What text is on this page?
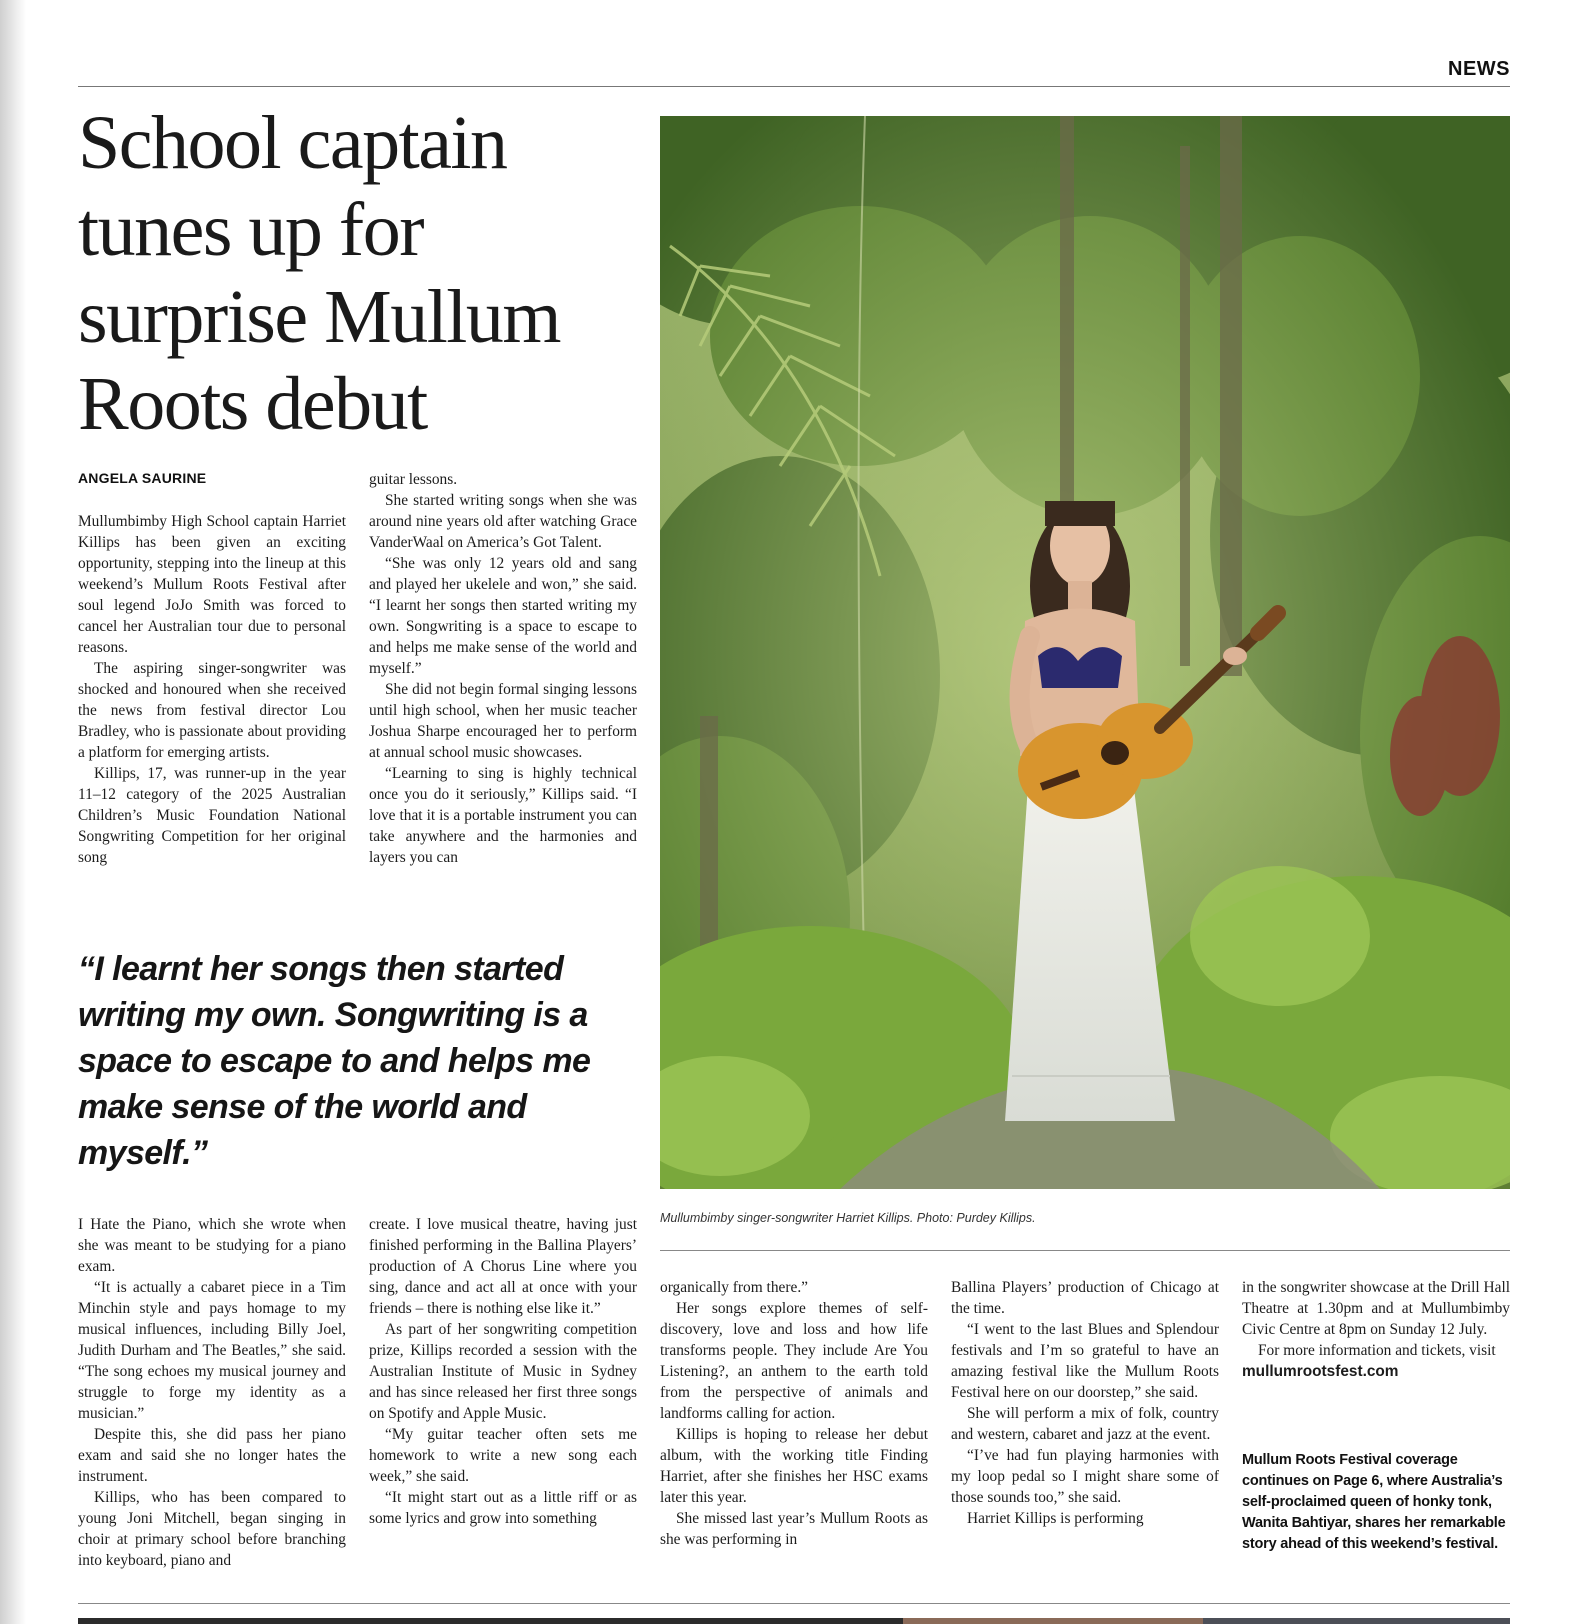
NEWS
School captain tunes up for surprise Mullum Roots debut
ANGELA SAURINE

Mullumbimby High School captain Harriet Killips has been given an exciting opportunity, stepping into the lineup at this weekend’s Mullum Roots Festival after soul legend JoJo Smith was forced to cancel her Australian tour due to personal reasons.

The aspiring singer-songwriter was shocked and honoured when she received the news from festival director Lou Bradley, who is passionate about providing a platform for emerging artists.

Killips, 17, was runner-up in the year 11–12 category of the 2025 Australian Children’s Music Foundation National Songwriting Competition for her original song

guitar lessons.

She started writing songs when she was around nine years old after watching Grace VanderWaal on America’s Got Talent.

“She was only 12 years old and sang and played her ukelele and won,” she said. “I learnt her songs then started writing my own. Songwriting is a space to escape to and helps me make sense of the world and myself.”

She did not begin formal singing lessons until high school, when her music teacher Joshua Sharpe encouraged her to perform at annual school music showcases.

“Learning to sing is highly technical once you do it seriously,” Killips said. “I love that it is a portable instrument you can take anywhere and the harmonies and layers you can

“I learnt her songs then started writing my own. Songwriting is a space to escape to and helps me make sense of the world and myself.”

Mullumbimby singer-songwriter Harriet Killips. Photo: Purdey Killips.

I Hate the Piano, which she wrote when she was meant to be studying for a piano exam.

“It is actually a cabaret piece in a Tim Minchin style and pays homage to my musical influences, including Billy Joel, Judith Durham and The Beatles,” she said. “The song echoes my musical journey and struggle to forge my identity as a musician.”

Despite this, she did pass her piano exam and said she no longer hates the instrument.

Killips, who has been compared to young Joni Mitchell, began singing in choir at primary school before branching into keyboard, piano and

create. I love musical theatre, having just finished performing in the Ballina Players’ production of A Chorus Line where you sing, dance and act all at once with your friends – there is nothing else like it.”

As part of her songwriting competition prize, Killips recorded a session with the Australian Institute of Music in Sydney and has since released her first three songs on Spotify and Apple Music.

“My guitar teacher often sets me homework to write a new song each week,” she said.

“It might start out as a little riff or as some lyrics and grow into something

organically from there.”

Her songs explore themes of self-discovery, love and loss and how life transforms people. They include Are You Listening?, an anthem to the earth told from the perspective of animals and landforms calling for action.

Killips is hoping to release her debut album, with the working title Finding Harriet, after she finishes her HSC exams later this year.

She missed last year’s Mullum Roots as she was performing in

Ballina Players’ production of Chicago at the time.

“I went to the last Blues and Splendour festivals and I’m so grateful to have an amazing festival like the Mullum Roots Festival here on our doorstep,” she said.

She will perform a mix of folk, country and western, cabaret and jazz at the event.

“I’ve had fun playing harmonies with my loop pedal so I might share some of those sounds too,” she said.

Harriet Killips is performing

in the songwriter showcase at the Drill Hall Theatre at 1.30pm and at Mullumbimby Civic Centre at 8pm on Sunday 12 July.

For more information and tickets, visit mullumrootsfest.com

Mullum Roots Festival coverage continues on Page 6, where Australia’s self-proclaimed queen of honky tonk, Wanita Bahtiyar, shares her remarkable story ahead of this weekend’s festival.
